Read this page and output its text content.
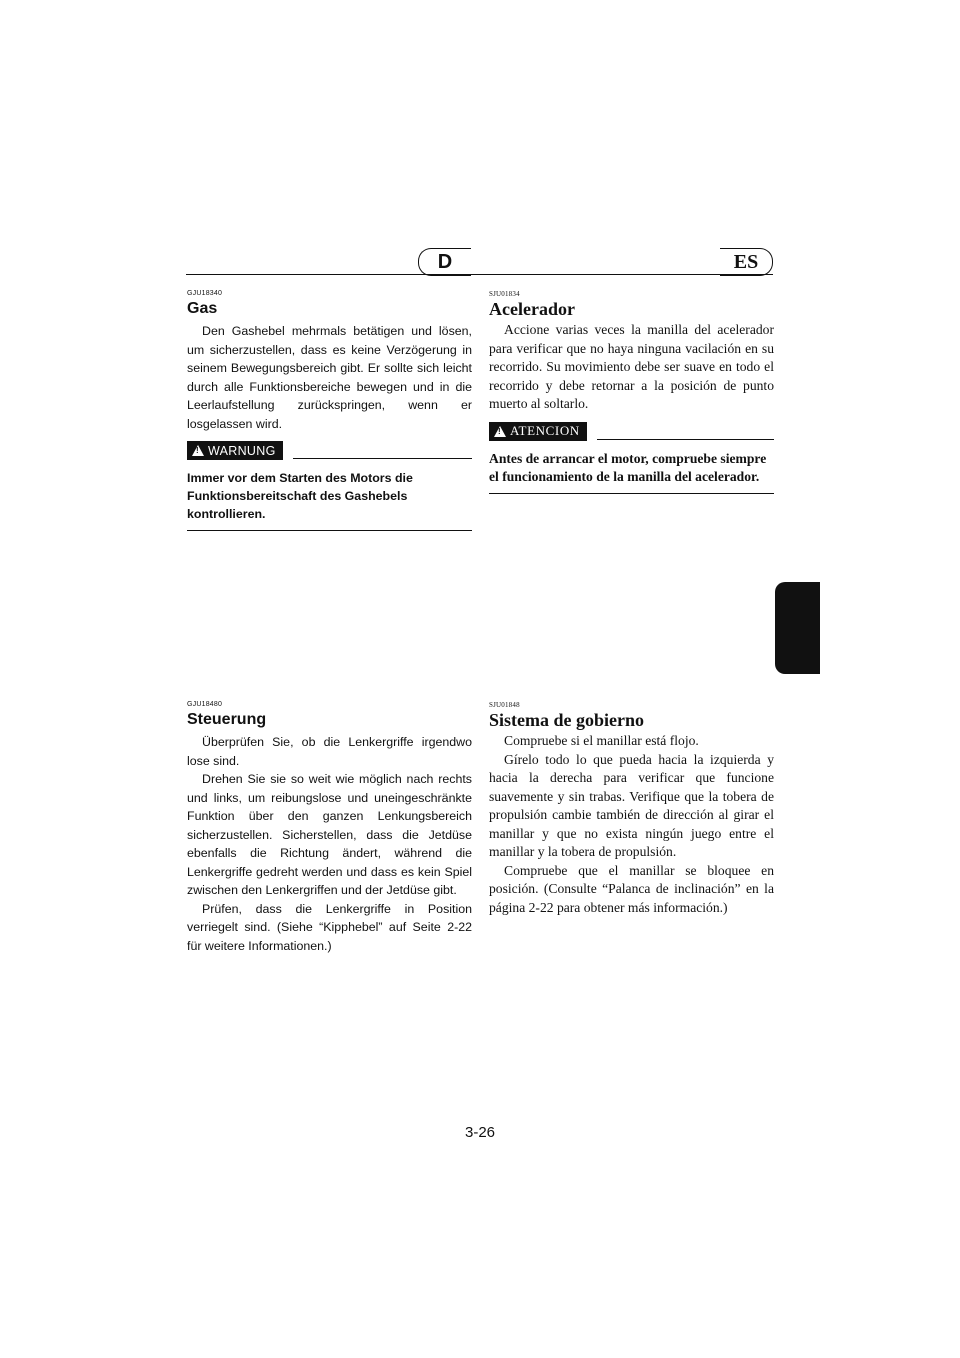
D	ES

GJU18340

Gas

Den Gashebel mehrmals betätigen und lösen, um sicherzustellen, dass es keine Verzögerung in seinem Bewegungsbereich gibt. Er sollte sich leicht durch alle Funktionsbereiche bewegen und in die Leerlaufstellung zurückspringen, wenn er losgelassen wird.

!
WARNUNG

Immer vor dem Starten des Motors die Funktionsbereitschaft des Gashebels kontrollieren.

SJU01834

Acelerador

Accione varias veces la manilla del acelerador para verificar que no haya ninguna vacilación en su recorrido. Su movimiento debe ser suave en todo el recorrido y debe retornar a la posición de punto muerto al soltarlo.

!
ATENCION

Antes de arrancar el motor, compruebe siempre el funcionamiento de la manilla del acelerador.

GJU18480

Steuerung

Überprüfen Sie, ob die Lenkergriffe irgendwo lose sind.

Drehen Sie sie so weit wie möglich nach rechts und links, um reibungslose und uneingeschränkte Funktion über den ganzen Lenkungsbereich sicherzustellen. Sicherstellen, dass die Jetdüse ebenfalls die Richtung ändert, während die Lenkergriffe gedreht werden und dass es kein Spiel zwischen den Lenkergriffen und der Jetdüse gibt.

Prüfen, dass die Lenkergriffe in Position verriegelt sind. (Siehe “Kipphebel” auf Seite 2-22 für weitere Informationen.)

SJU01848

Sistema de gobierno

Compruebe si el manillar está flojo.

Gírelo todo lo que pueda hacia la izquierda y hacia la derecha para verificar que funcione suavemente y sin trabas. Verifique que la tobera de propulsión cambie también de dirección al girar el manillar y que no exista ningún juego entre el manillar y la tobera de propulsión.

Compruebe que el manillar se bloquee en posición. (Consulte “Palanca de inclinación” en la página 2-22 para obtener más información.)

3-26
